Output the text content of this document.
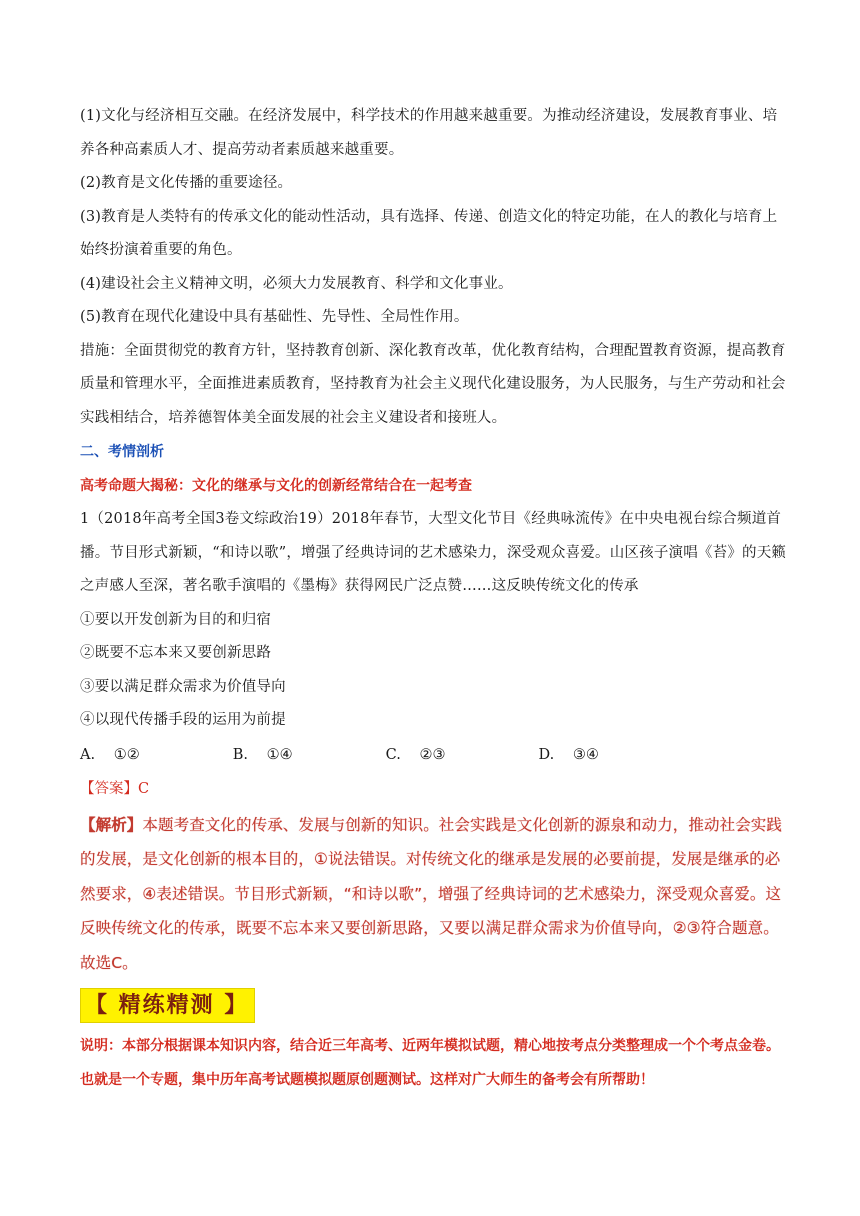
(1)文化与经济相互交融。在经济发展中，科学技术的作用越来越重要。为推动经济建设，发展教育事业、培养各种高素质人才、提高劳动者素质越来越重要。

(2)教育是文化传播的重要途径。

(3)教育是人类特有的传承文化的能动性活动，具有选择、传递、创造文化的特定功能，在人的教化与培育上始终扮演着重要的角色。

(4)建设社会主义精神文明，必须大力发展教育、科学和文化事业。

(5)教育在现代化建设中具有基础性、先导性、全局性作用。

措施：全面贯彻党的教育方针，坚持教育创新、深化教育改革，优化教育结构，合理配置教育资源，提高教育质量和管理水平，全面推进素质教育，坚持教育为社会主义现代化建设服务，为人民服务，与生产劳动和社会实践相结合，培养德智体美全面发展的社会主义建设者和接班人。

二、考情剖析

高考命题大揭秘：文化的继承与文化的创新经常结合在一起考查

1（2018年高考全国3卷文综政治19）2018年春节，大型文化节目《经典咏流传》在中央电视台综合频道首播。节目形式新颖，“和诗以歌”，增强了经典诗词的艺术感染力，深受观众喜爱。山区孩子演唱《苔》的天籁之声感人至深，著名歌手演唱的《墨梅》获得网民广泛点赞……这反映传统文化的传承

①要以开发创新为目的和归宿

②既要不忘本来又要创新思路

③要以满足群众需求为价值导向

④以现代传播手段的运用为前提

A. ①②	B. ①④	C. ②③	D. ③④

【答案】C

【解析】本题考查文化的传承、发展与创新的知识。社会实践是文化创新的源泉和动力，推动社会实践的发展，是文化创新的根本目的，①说法错误。对传统文化的继承是发展的必要前提，发展是继承的必然要求，④表述错误。节目形式新颖，“和诗以歌”，增强了经典诗词的艺术感染力，深受观众喜爱。这反映传统文化的传承，既要不忘本来又要创新思路，又要以满足群众需求为价值导向，②③符合题意。故选C。

【 精练精测 】

说明：本部分根据课本知识内容，结合近三年高考、近两年模拟试题，精心地按考点分类整理成一个个考点金卷。也就是一个专题，集中历年高考试题模拟题原创题测试。这样对广大师生的备考会有所帮助！
